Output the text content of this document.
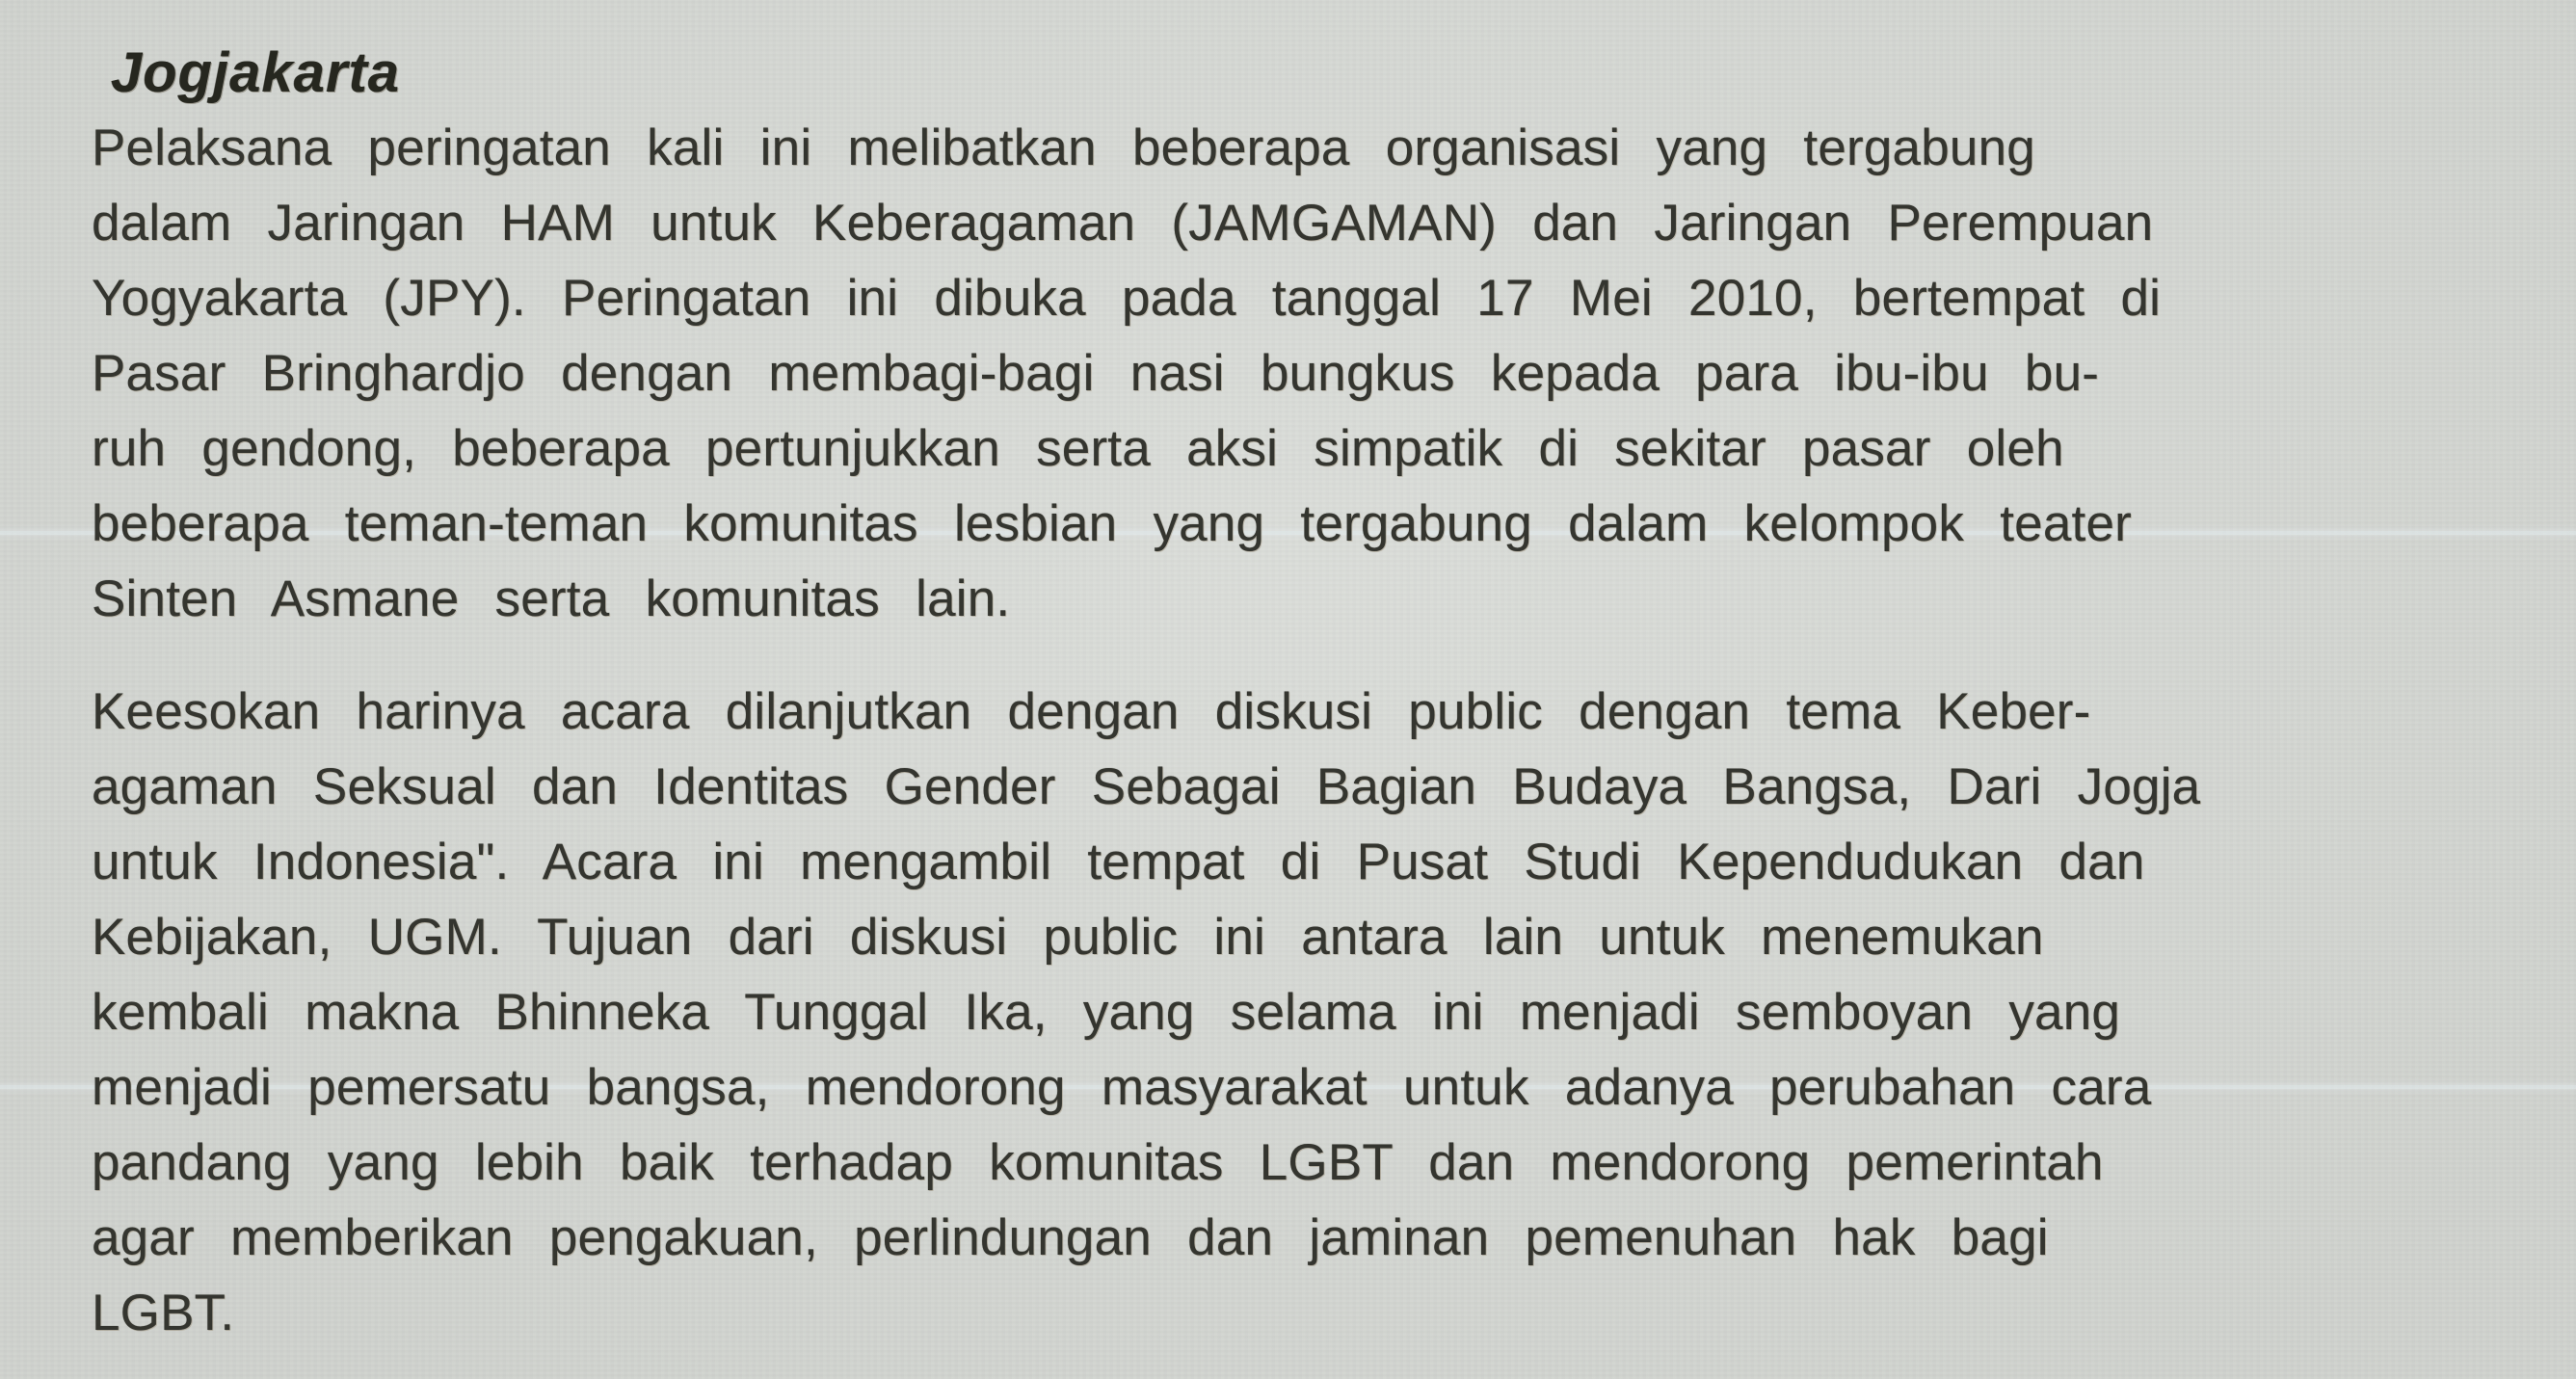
Jogjakarta
Pelaksana peringatan kali ini melibatkan beberapa organisasi yang tergabung
dalam Jaringan HAM untuk Keberagaman (JAMGAMAN) dan Jaringan Perempuan
Yogyakarta (JPY). Peringatan ini dibuka pada tanggal 17 Mei 2010, bertempat di
Pasar Bringhardjo dengan membagi-bagi nasi bungkus kepada para ibu-ibu bu-
ruh gendong, beberapa pertunjukkan serta aksi simpatik di sekitar pasar oleh
beberapa teman-teman komunitas lesbian yang tergabung dalam kelompok teater
Sinten Asmane serta komunitas lain.
Keesokan harinya acara dilanjutkan dengan diskusi public dengan tema Keber-
agaman Seksual dan Identitas Gender Sebagai Bagian Budaya Bangsa, Dari Jogja
untuk Indonesia". Acara ini mengambil tempat di Pusat Studi Kependudukan dan
Kebijakan, UGM. Tujuan dari diskusi public ini antara lain untuk menemukan
kembali makna Bhinneka Tunggal Ika, yang selama ini menjadi semboyan yang
menjadi pemersatu bangsa, mendorong masyarakat untuk adanya perubahan cara
pandang yang lebih baik terhadap komunitas LGBT dan mendorong pemerintah
agar memberikan pengakuan, perlindungan dan jaminan pemenuhan hak bagi
LGBT.
